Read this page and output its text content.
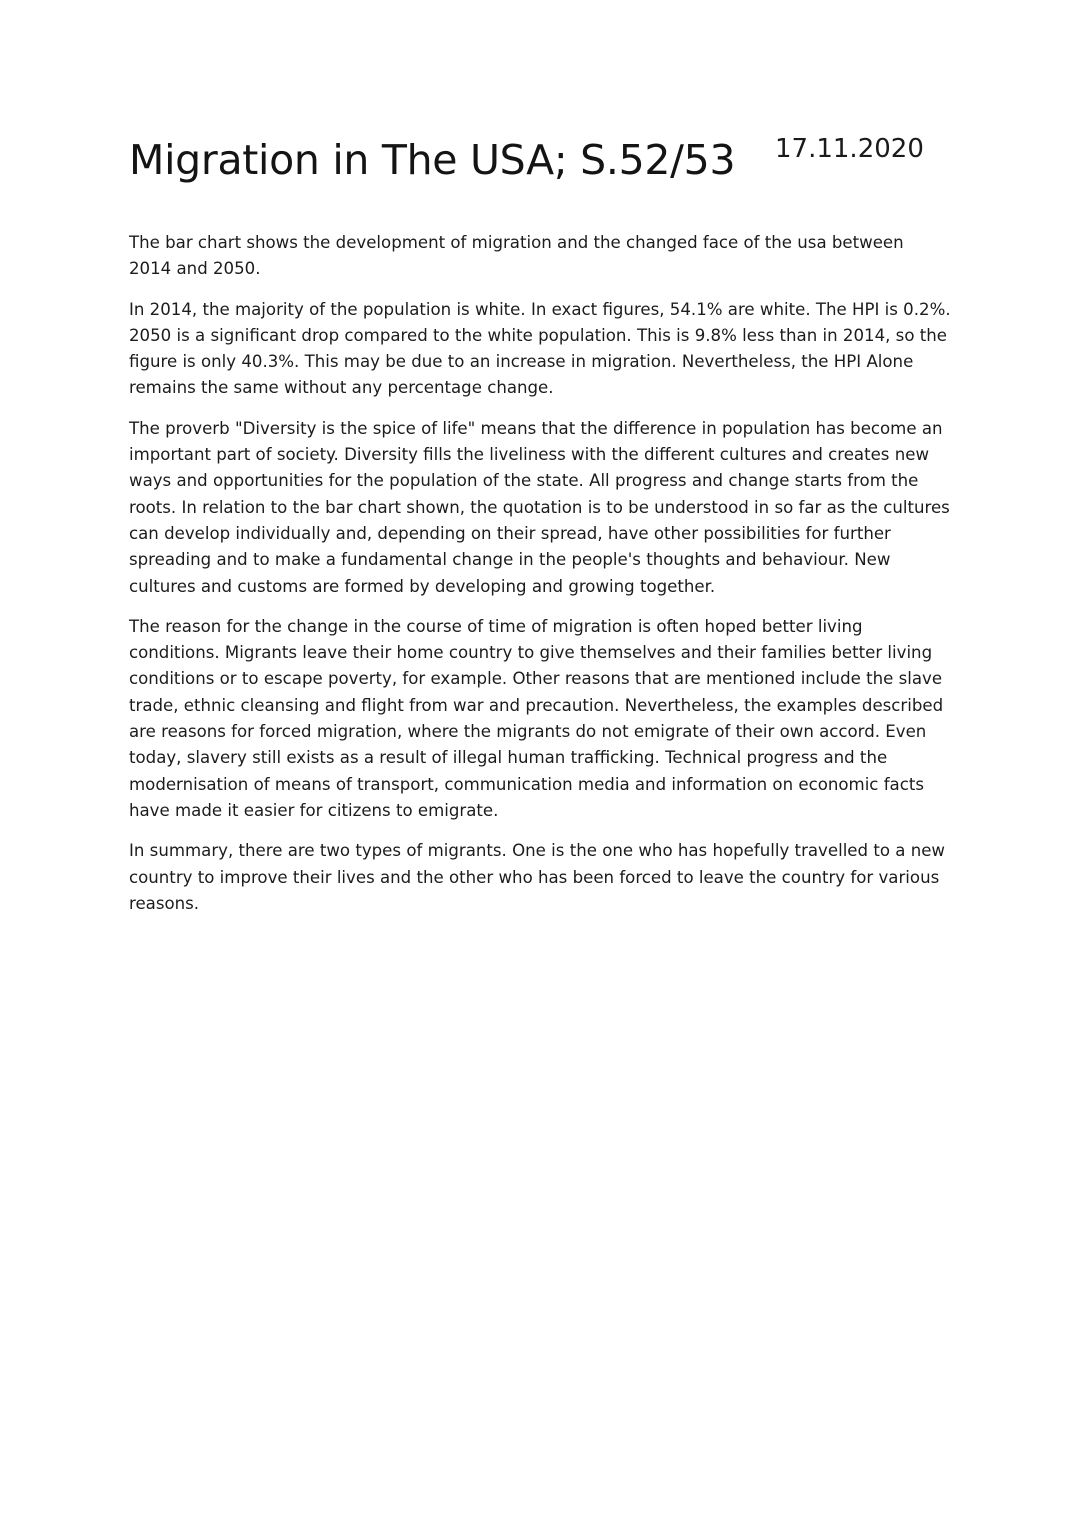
Migration in The USA; S.52/53 17.11.2020

The bar chart shows the development of migration and the changed face of the usa between 2014 and 2050.

In 2014, the majority of the population is white. In exact figures, 54.1% are white. The HPI is 0.2%. 2050 is a significant drop compared to the white population. This is 9.8% less than in 2014, so the figure is only 40.3%. This may be due to an increase in migration. Nevertheless, the HPI Alone remains the same without any percentage change.

The proverb "Diversity is the spice of life" means that the difference in population has become an important part of society. Diversity fills the liveliness with the different cultures and creates new ways and opportunities for the population of the state. All progress and change starts from the roots. In relation to the bar chart shown, the quotation is to be understood in so far as the cultures can develop individually and, depending on their spread, have other possibilities for further spreading and to make a fundamental change in the people's thoughts and behaviour. New cultures and customs are formed by developing and growing together.

The reason for the change in the course of time of migration is often hoped better living conditions. Migrants leave their home country to give themselves and their families better living conditions or to escape poverty, for example. Other reasons that are mentioned include the slave trade, ethnic cleansing and flight from war and precaution. Nevertheless, the examples described are reasons for forced migration, where the migrants do not emigrate of their own accord. Even today, slavery still exists as a result of illegal human trafficking. Technical progress and the modernisation of means of transport, communication media and information on economic facts have made it easier for citizens to emigrate.

In summary, there are two types of migrants. One is the one who has hopefully travelled to a new country to improve their lives and the other who has been forced to leave the country for various reasons.
